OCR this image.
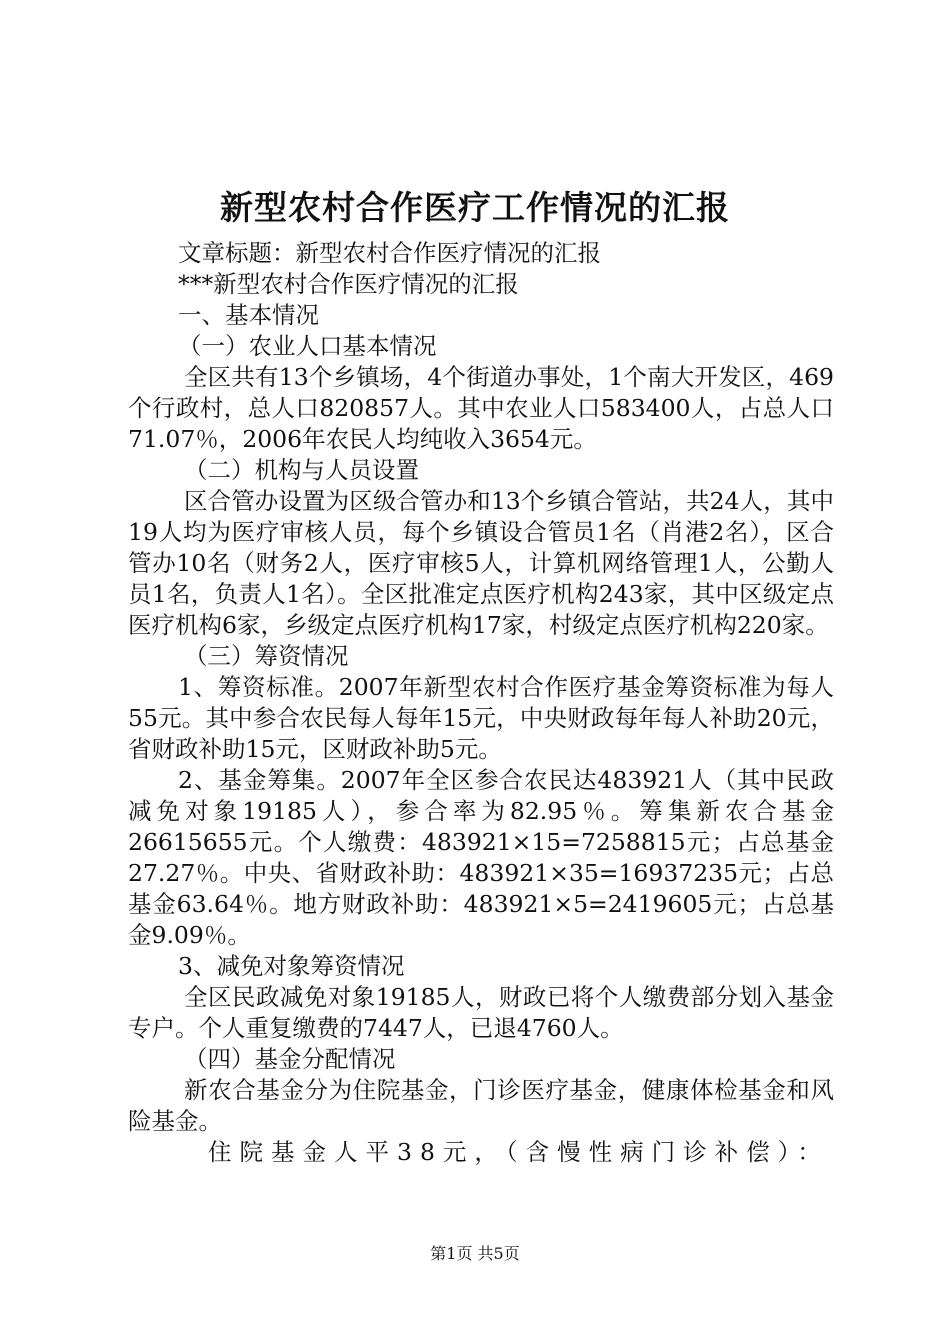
新型农村合作医疗工作情况的汇报

文章标题：新型农村合作医疗情况的汇报

***新型农村合作医疗情况的汇报

一、基本情况

（一）农业人口基本情况

全区共有13个乡镇场，4个街道办事处，1个南大开发区，469个行政村，总人口820857人。其中农业人口583400人，占总人口71.07％，2006年农民人均纯收入3654元。

（二）机构与人员设置

区合管办设置为区级合管办和13个乡镇合管站，共24人，其中19人均为医疗审核人员，每个乡镇设合管员1名（肖港2名），区合管办10名（财务2人，医疗审核5人，计算机网络管理1人，公勤人员1名，负责人1名）。全区批准定点医疗机构243家，其中区级定点医疗机构6家，乡级定点医疗机构17家，村级定点医疗机构220家。

（三）筹资情况

1、筹资标准。2007年新型农村合作医疗基金筹资标准为每人55元。其中参合农民每人每年15元，中央财政每年每人补助20元，省财政补助15元，区财政补助5元。

2、基金筹集。2007年全区参合农民达483921人（其中民政减免对象19185人），参合率为82.95％。筹集新农合基金26615655元。个人缴费：483921×15=7258815元；占总基金27.27％。中央、省财政补助：483921×35=16937235元；占总基金63.64％。地方财政补助：483921×5=2419605元；占总基金9.09％。

3、减免对象筹资情况

全区民政减免对象19185人，财政已将个人缴费部分划入基金专户。个人重复缴费的7447人，已退4760人。

（四）基金分配情况

新农合基金分为住院基金，门诊医疗基金，健康体检基金和风险基金。

住院基金人平38元，（含慢性病门诊补偿）：

第1页 共5页
